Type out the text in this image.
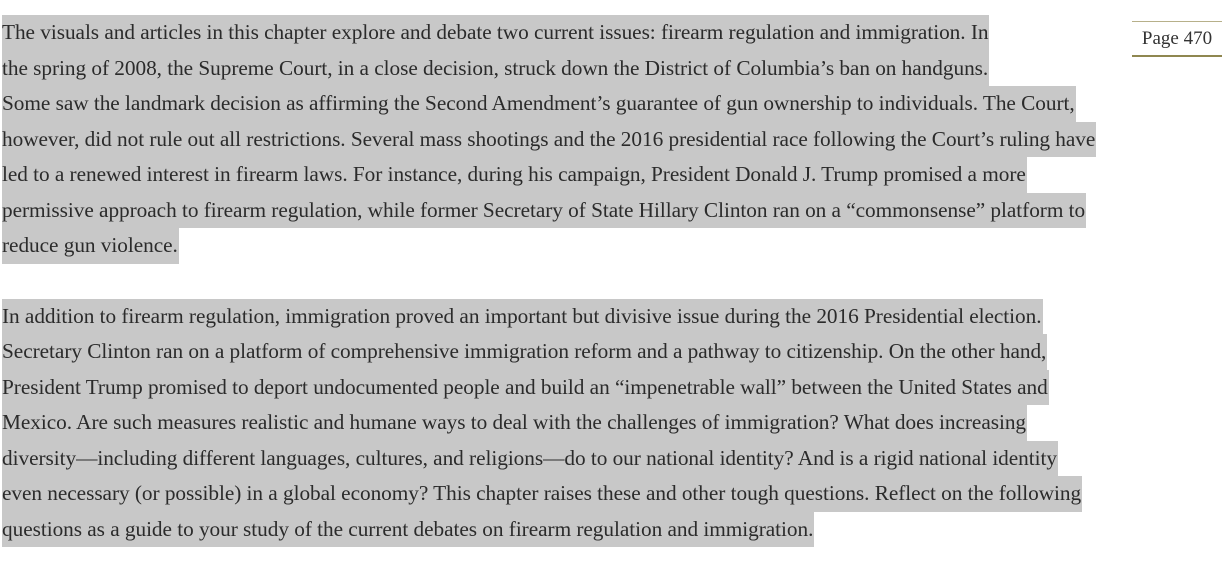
The visuals and articles in this chapter explore and debate two current issues: firearm regulation and immigration. In
the spring of 2008, the Supreme Court, in a close decision, struck down the District of Columbia’s ban on handguns.
Some saw the landmark decision as affirming the Second Amendment’s guarantee of gun ownership to individuals. The Court,
however, did not rule out all restrictions. Several mass shootings and the 2016 presidential race following the Court’s ruling have
led to a renewed interest in firearm laws. For instance, during his campaign, President Donald J. Trump promised a more
permissive approach to firearm regulation, while former Secretary of State Hillary Clinton ran on a “commonsense” platform to
reduce gun violence.

In addition to firearm regulation, immigration proved an important but divisive issue during the 2016 Presidential election.
Secretary Clinton ran on a platform of comprehensive immigration reform and a pathway to citizenship. On the other hand,
President Trump promised to deport undocumented people and build an “impenetrable wall” between the United States and
Mexico. Are such measures realistic and humane ways to deal with the challenges of immigration? What does increasing
diversity—including different languages, cultures, and religions—do to our national identity? And is a rigid national identity
even necessary (or possible) in a global economy? This chapter raises these and other tough questions. Reflect on the following
questions as a guide to your study of the current debates on firearm regulation and immigration.

Page 470
